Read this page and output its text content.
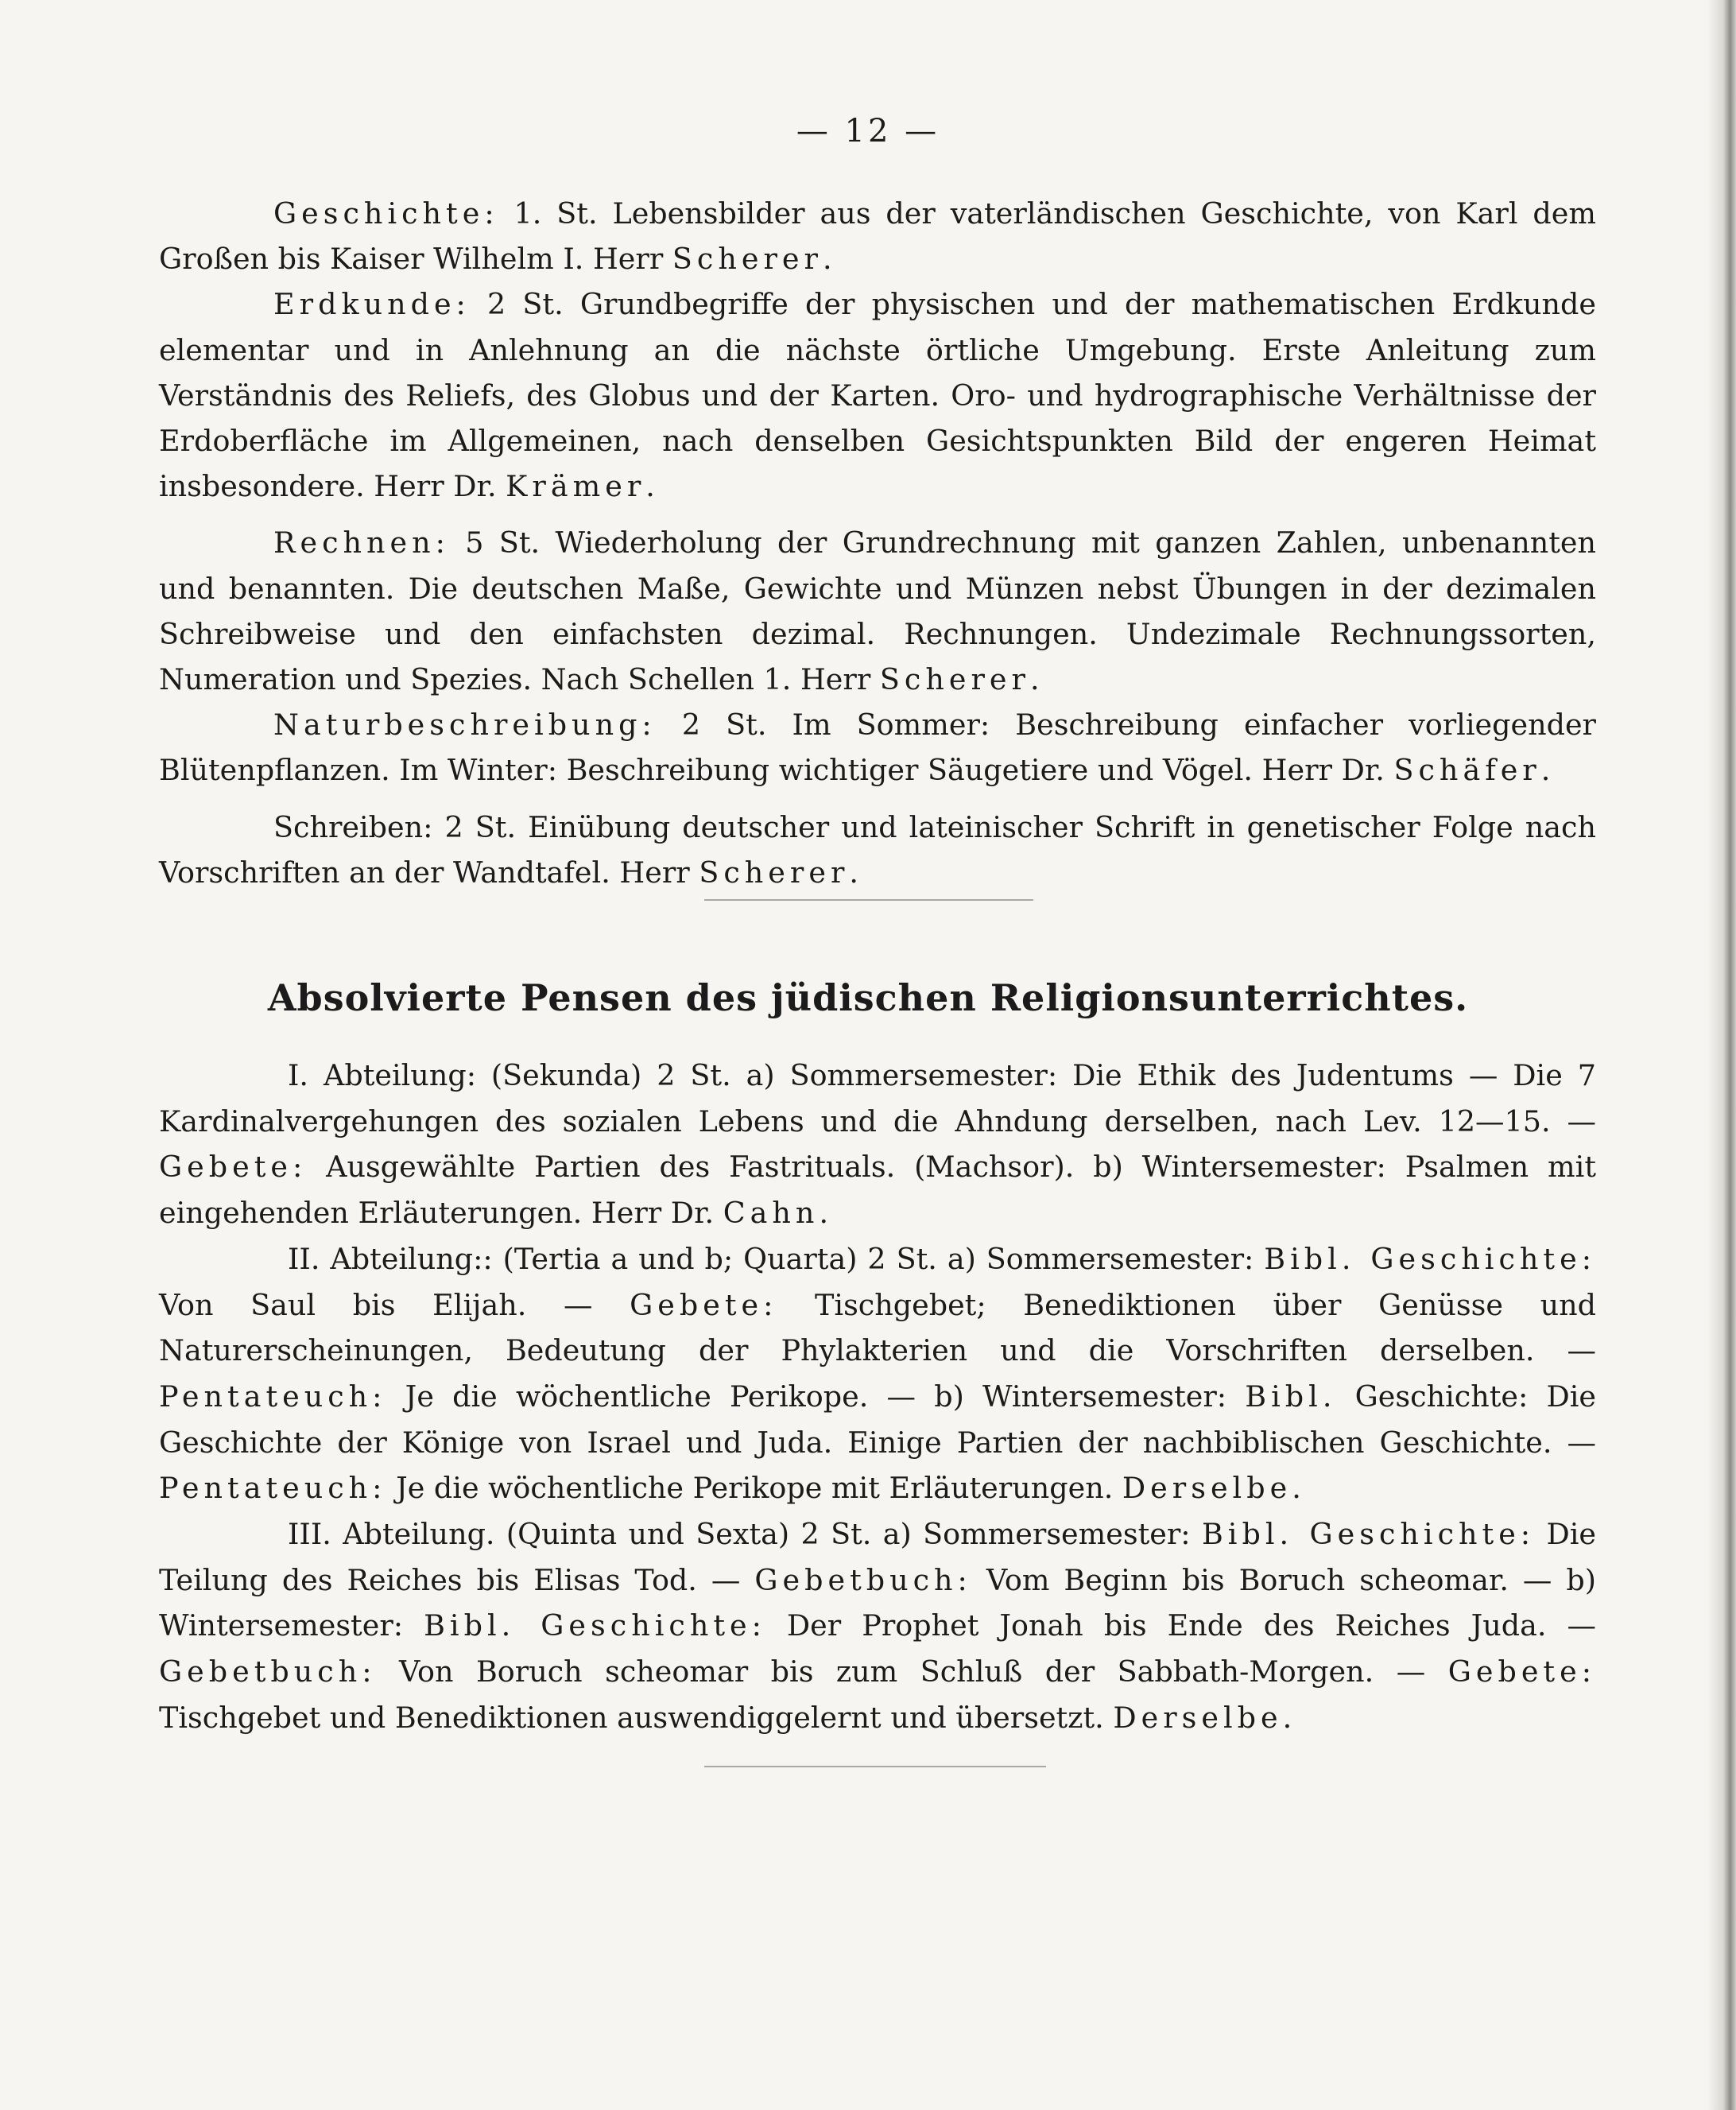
— 12 —

Geschichte: 1. St. Lebensbilder aus der vaterländischen Geschichte, von Karl dem Großen bis Kaiser Wilhelm I. Herr Scherer.

Erdkunde: 2 St. Grundbegriffe der physischen und der mathematischen Erdkunde elementar und in Anlehnung an die nächste örtliche Umgebung. Erste Anleitung zum Verständnis des Reliefs, des Globus und der Karten. Oro- und hydrographische Verhältnisse der Erdoberfläche im Allgemeinen, nach denselben Gesichtspunkten Bild der engeren Heimat insbesondere. Herr Dr. Krämer.

Rechnen: 5 St. Wiederholung der Grundrechnung mit ganzen Zahlen, unbenannten und benannten. Die deutschen Maße, Gewichte und Münzen nebst Übungen in der dezimalen Schreibweise und den einfachsten dezimal. Rechnungen. Undezimale Rechnungssorten, Numeration und Spezies. Nach Schellen 1. Herr Scherer.

Naturbeschreibung: 2 St. Im Sommer: Beschreibung einfacher vorliegender Blütenpflanzen. Im Winter: Beschreibung wichtiger Säugetiere und Vögel. Herr Dr. Schäfer.

Schreiben: 2 St. Einübung deutscher und lateinischer Schrift in genetischer Folge nach Vorschriften an der Wandtafel. Herr Scherer.

Absolvierte Pensen des jüdischen Religionsunterrichtes.

I. Abteilung: (Sekunda) 2 St. a) Sommersemester: Die Ethik des Judentums — Die 7 Kardinalvergehungen des sozialen Lebens und die Ahndung derselben, nach Lev. 12—15. — Gebete: Ausgewählte Partien des Fastrituals. (Machsor). b) Wintersemester: Psalmen mit eingehenden Erläuterungen. Herr Dr. Cahn.

II. Abteilung:: (Tertia a und b; Quarta) 2 St. a) Sommersemester: Bibl. Geschichte: Von Saul bis Elijah. — Gebete: Tischgebet; Benediktionen über Genüsse und Naturerscheinungen, Bedeutung der Phylakterien und die Vorschriften derselben. — Pentateuch: Je die wöchentliche Perikope. — b) Wintersemester: Bibl. Geschichte: Die Geschichte der Könige von Israel und Juda. Einige Partien der nachbiblischen Geschichte. — Pentateuch: Je die wöchentliche Perikope mit Erläuterungen. Derselbe.

III. Abteilung. (Quinta und Sexta) 2 St. a) Sommersemester: Bibl. Geschichte: Die Teilung des Reiches bis Elisas Tod. — Gebetbuch: Vom Beginn bis Boruch scheomar. — b) Wintersemester: Bibl. Geschichte: Der Prophet Jonah bis Ende des Reiches Juda. — Gebetbuch: Von Boruch scheomar bis zum Schluß der Sabbath-Morgen. — Gebete: Tischgebet und Benediktionen auswendiggelernt und übersetzt. Derselbe.
